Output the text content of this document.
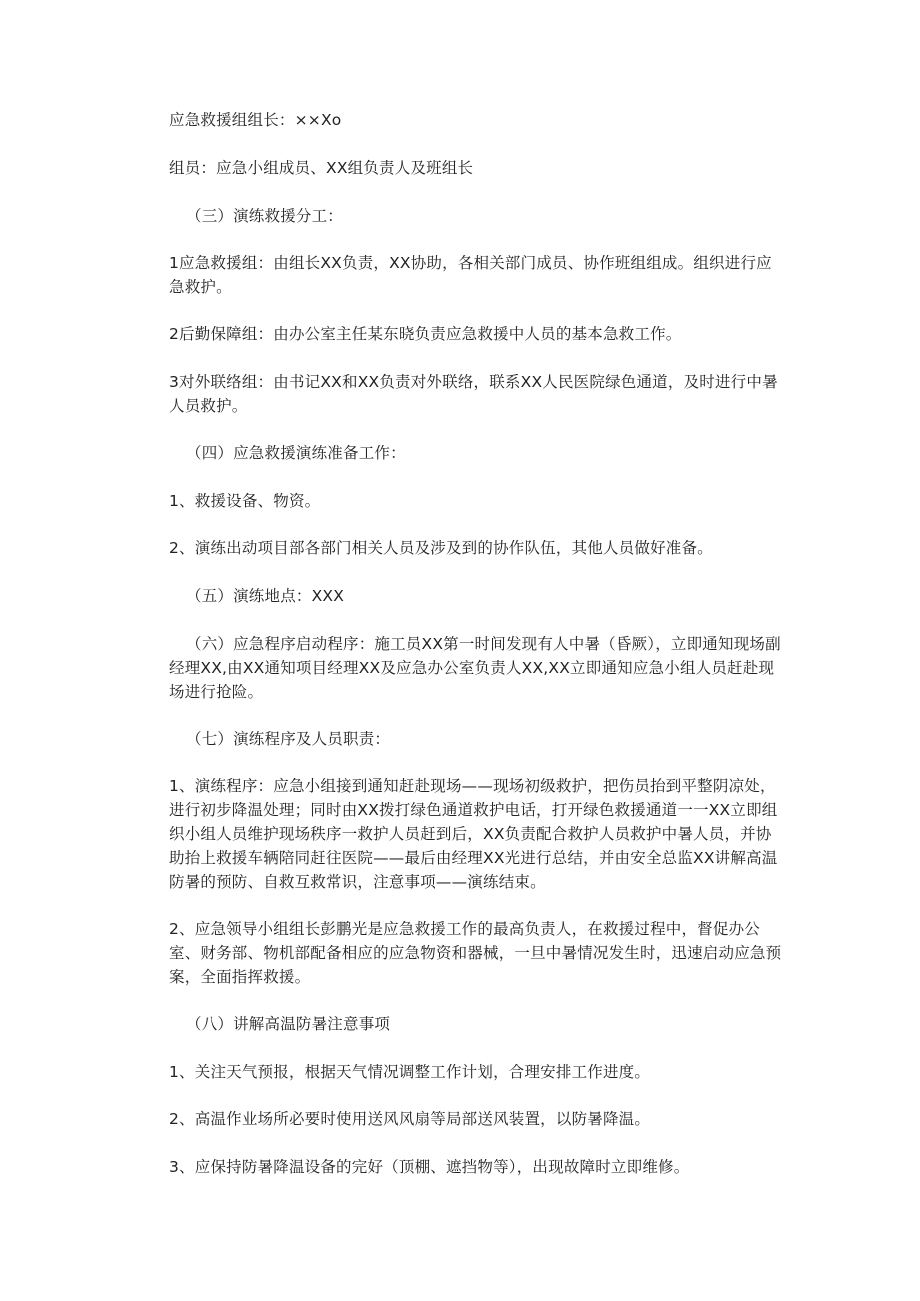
应急救援组组长：××Xo

组员：应急小组成员、XX组负责人及班组长

（三）演练救援分工：

1应急救援组：由组长XX负责，XX协助，各相关部门成员、协作班组组成。组织进行应急救护。

2后勤保障组：由办公室主任某东晓负责应急救援中人员的基本急救工作。

3对外联络组：由书记XX和XX负责对外联络，联系XX人民医院绿色通道，及时进行中暑人员救护。

（四）应急救援演练准备工作：

1、救援设备、物资。

2、演练出动项目部各部门相关人员及涉及到的协作队伍，其他人员做好准备。

（五）演练地点：XXX

（六）应急程序启动程序：施工员XX第一时间发现有人中暑（昏厥），立即通知现场副经理XX,由XX通知项目经理XX及应急办公室负责人XX,XX立即通知应急小组人员赶赴现场进行抢险。

（七）演练程序及人员职责：

1、演练程序：应急小组接到通知赶赴现场——现场初级救护，把伤员抬到平整阴凉处，进行初步降温处理；同时由XX拨打绿色通道救护电话，打开绿色救援通道一一XX立即组织小组人员维护现场秩序一救护人员赶到后，XX负责配合救护人员救护中暑人员，并协助抬上救援车辆陪同赶往医院——最后由经理XX光进行总结，并由安全总监XX讲解高温防暑的预防、自救互救常识，注意事项——演练结束。

2、应急领导小组组长彭鹏光是应急救援工作的最高负责人，在救援过程中，督促办公室、财务部、物机部配备相应的应急物资和器械，一旦中暑情况发生时，迅速启动应急预案，全面指挥救援。

（八）讲解高温防暑注意事项

1、关注天气预报，根据天气情况调整工作计划，合理安排工作进度。

2、高温作业场所必要时使用送风风扇等局部送风装置，以防暑降温。

3、应保持防暑降温设备的完好（顶棚、遮挡物等），出现故障时立即维修。
